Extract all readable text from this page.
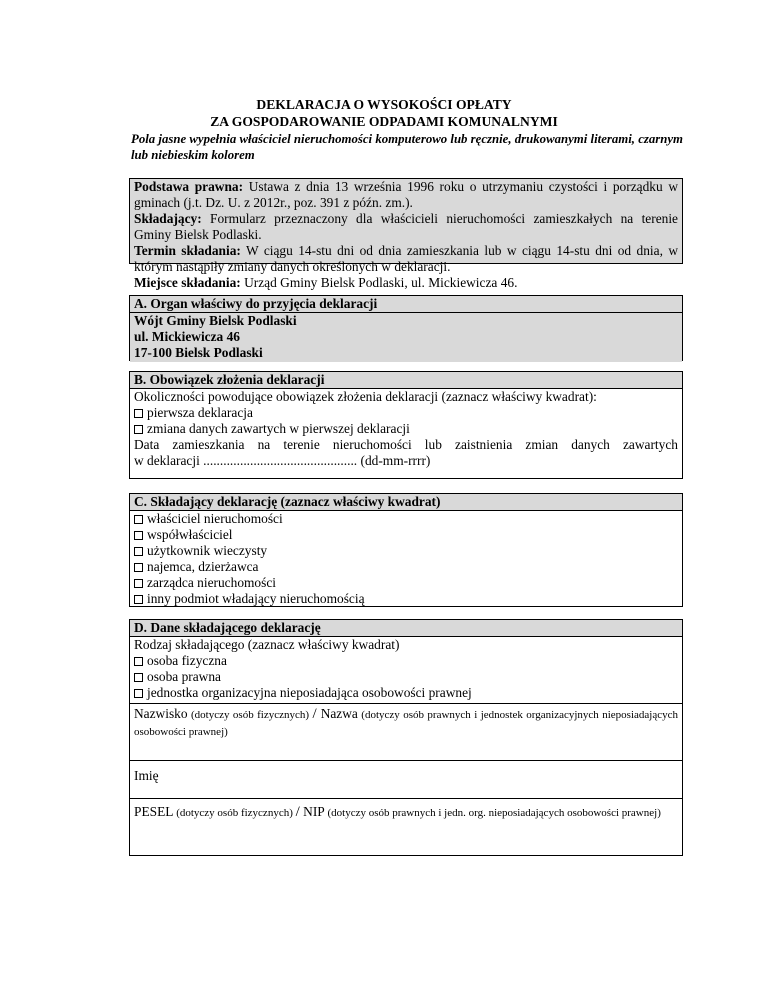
DEKLARACJA O WYSOKOŚCI OPŁATY
ZA GOSPODAROWANIE ODPADAMI KOMUNALNYMI
Pola jasne wypełnia właściciel nieruchomości komputerowo lub ręcznie, drukowanymi literami, czarnym lub niebieskim kolorem

Podstawa prawna: Ustawa z dnia 13 września 1996 roku o utrzymaniu czystości i porządku w

gminach (j.t. Dz. U. z 2012r., poz. 391 z późn. zm.).

Składający: Formularz przeznaczony dla właścicieli nieruchomości zamieszkałych na terenie

Gminy Bielsk Podlaski.

Termin składania: W ciągu 14-stu dni od dnia zamieszkania lub w ciągu 14-stu dni od dnia, w

którym nastąpiły zmiany danych określonych w deklaracji.

Miejsce składania: Urząd Gminy Bielsk Podlaski, ul. Mickiewicza 46.

A. Organ właściwy do przyjęcia deklaracji

Wójt Gminy Bielsk Podlaski

ul. Mickiewicza 46

17-100 Bielsk Podlaski

B. Obowiązek złożenia deklaracji

Okoliczności powodujące obowiązek złożenia deklaracji (zaznacz właściwy kwadrat):

pierwsza deklaracja

zmiana danych zawartych w pierwszej deklaracji

Data zamieszkania na terenie nieruchomości lub zaistnienia zmian danych zawartych

w deklaracji .............................................. (dd-mm-rrrr)

C. Składający deklarację (zaznacz właściwy kwadrat)

właściciel nieruchomości

współwłaściciel

użytkownik wieczysty

najemca, dzierżawca

zarządca nieruchomości

inny podmiot władający nieruchomością

D. Dane składającego deklarację

Rodzaj składającego (zaznacz właściwy kwadrat)

osoba fizyczna

osoba prawna

jednostka organizacyjna nieposiadająca osobowości prawnej

Nazwisko (dotyczy osób fizycznych) / Nazwa (dotyczy osób prawnych i jednostek organizacyjnych nieposiadających osobowości prawnej)

Imię

PESEL (dotyczy osób fizycznych) / NIP (dotyczy osób prawnych i jedn. org. nieposiadających osobowości prawnej)
